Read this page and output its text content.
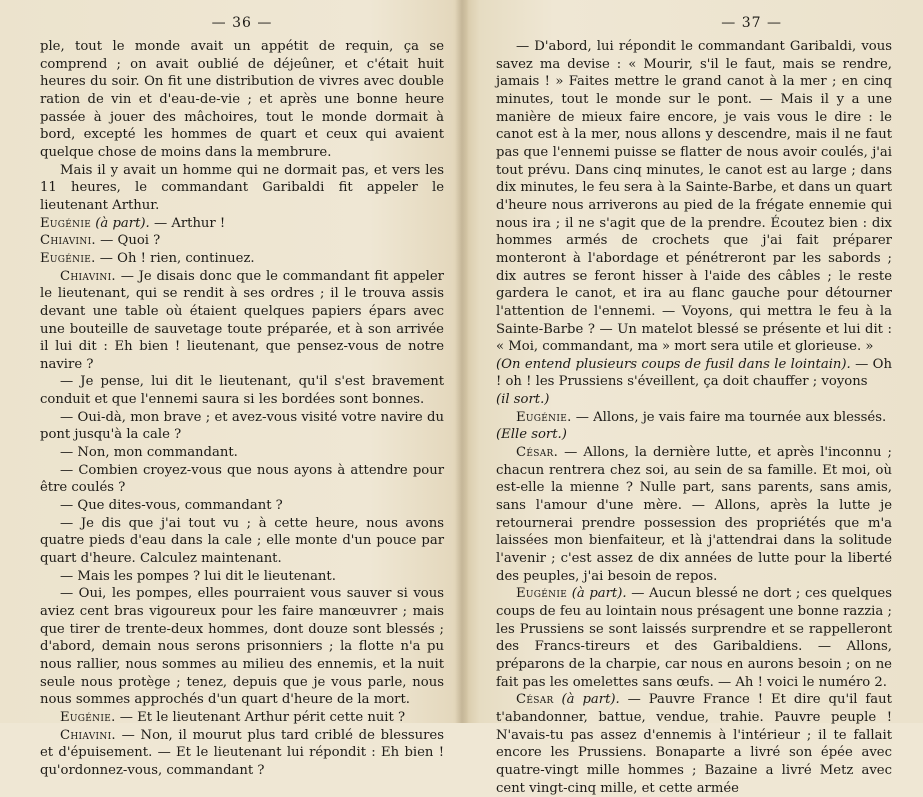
— 36 —

ple, tout le monde avait un appétit de requin, ça se comprend ; on avait oublié de déjeûner, et c'était huit heures du soir. On fit une distribution de vivres avec double ration de vin et d'eau-de-vie ; et après une bonne heure passée à jouer des mâchoires, tout le monde dormait à bord, excepté les hommes de quart et ceux qui avaient quelque chose de moins dans la membrure.

Mais il y avait un homme qui ne dormait pas, et vers les 11 heures, le commandant Garibaldi fit appeler le lieutenant Arthur.

Eugénie (à part). — Arthur !

Chiavini. — Quoi ?

Eugénie. — Oh ! rien, continuez.

Chiavini. — Je disais donc que le commandant fit appeler le lieutenant, qui se rendit à ses ordres ; il le trouva assis devant une table où étaient quelques papiers épars avec une bouteille de sauvetage toute préparée, et à son arrivée il lui dit : Eh bien ! lieutenant, que pensez-vous de notre navire ?

— Je pense, lui dit le lieutenant, qu'il s'est bravement conduit et que l'ennemi saura si les bordées sont bonnes.

— Oui-dà, mon brave ; et avez-vous visité votre navire du pont jusqu'à la cale ?

— Non, mon commandant.

— Combien croyez-vous que nous ayons à attendre pour être coulés ?

— Que dites-vous, commandant ?

— Je dis que j'ai tout vu ; à cette heure, nous avons quatre pieds d'eau dans la cale ; elle monte d'un pouce par quart d'heure. Calculez maintenant.

— Mais les pompes ? lui dit le lieutenant.

— Oui, les pompes, elles pourraient vous sauver si vous aviez cent bras vigoureux pour les faire manœuvrer ; mais que tirer de trente-deux hommes, dont douze sont blessés ; d'abord, demain nous serons prisonniers ; la flotte n'a pu nous rallier, nous sommes au milieu des ennemis, et la nuit seule nous protège ; tenez, depuis que je vous parle, nous nous sommes approchés d'un quart d'heure de la mort.

Eugénie. — Et le lieutenant Arthur périt cette nuit ?

Chiavini. — Non, il mourut plus tard criblé de blessures et d'épuisement. — Et le lieutenant lui répondit : Eh bien ! qu'ordonnez-vous, commandant ?

— 37 —

— D'abord, lui répondit le commandant Garibaldi, vous savez ma devise : « Mourir, s'il le faut, mais se rendre, jamais ! » Faites mettre le grand canot à la mer ; en cinq minutes, tout le monde sur le pont. — Mais il y a une manière de mieux faire encore, je vais vous le dire : le canot est à la mer, nous allons y descendre, mais il ne faut pas que l'ennemi puisse se flatter de nous avoir coulés, j'ai tout prévu. Dans cinq minutes, le canot est au large ; dans dix minutes, le feu sera à la Sainte-Barbe, et dans un quart d'heure nous arriverons au pied de la frégate ennemie qui nous ira ; il ne s'agit que de la prendre. Écoutez bien : dix hommes armés de crochets que j'ai fait préparer monteront à l'abordage et pénétreront par les sabords ; dix autres se feront hisser à l'aide des câbles ; le reste gardera le canot, et ira au flanc gauche pour détourner l'attention de l'ennemi. — Voyons, qui mettra le feu à la Sainte-Barbe ? — Un matelot blessé se présente et lui dit : « Moi, commandant, ma » mort sera utile et glorieuse. »

(On entend plusieurs coups de fusil dans le lointain). — Oh ! oh ! les Prussiens s'éveillent, ça doit chauffer ; voyons

(il sort.)

Eugénie. — Allons, je vais faire ma tournée aux blessés.

(Elle sort.)

César. — Allons, la dernière lutte, et après l'inconnu ; chacun rentrera chez soi, au sein de sa famille. Et moi, où est-elle la mienne ? Nulle part, sans parents, sans amis, sans l'amour d'une mère. — Allons, après la lutte je retournerai prendre possession des propriétés que m'a laissées mon bienfaiteur, et là j'attendrai dans la solitude l'avenir ; c'est assez de dix années de lutte pour la liberté des peuples, j'ai besoin de repos.

Eugénie (à part). — Aucun blessé ne dort ; ces quelques coups de feu au lointain nous présagent une bonne razzia ; les Prussiens se sont laissés surprendre et se rappelleront des Francs-tireurs et des Garibaldiens. — Allons, préparons de la charpie, car nous en aurons besoin ; on ne fait pas les omelettes sans œufs. — Ah ! voici le numéro 2.

César (à part). — Pauvre France ! Et dire qu'il faut t'abandonner, battue, vendue, trahie. Pauvre peuple ! N'avais-tu pas assez d'ennemis à l'intérieur ; il te fallait encore les Prussiens. Bonaparte a livré son épée avec quatre-vingt mille hommes ; Bazaine a livré Metz avec cent vingt-cinq mille, et cette armée
